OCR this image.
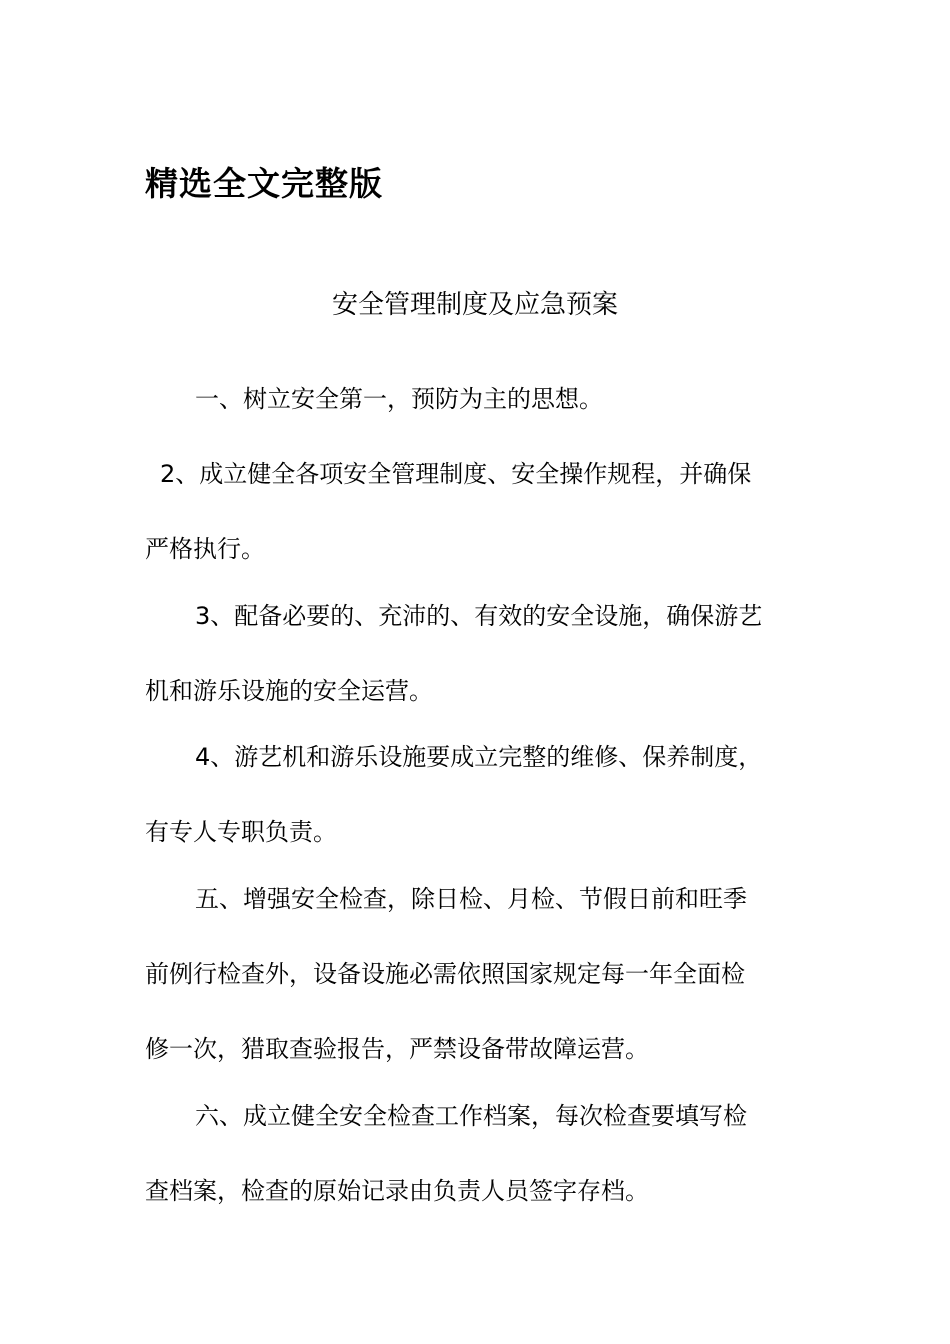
精选全文完整版
安全管理制度及应急预案
一、树立安全第一，预防为主的思想。
2、成立健全各项安全管理制度、安全操作规程，并确保
严格执行。
3、配备必要的、充沛的、有效的安全设施，确保游艺
机和游乐设施的安全运营。
4、游艺机和游乐设施要成立完整的维修、保养制度，
有专人专职负责。
五、增强安全检查，除日检、月检、节假日前和旺季
前例行检查外，设备设施必需依照国家规定每一年全面检
修一次，猎取查验报告，严禁设备带故障运营。
六、成立健全安全检查工作档案，每次检查要填写检
查档案，检查的原始记录由负责人员签字存档。
